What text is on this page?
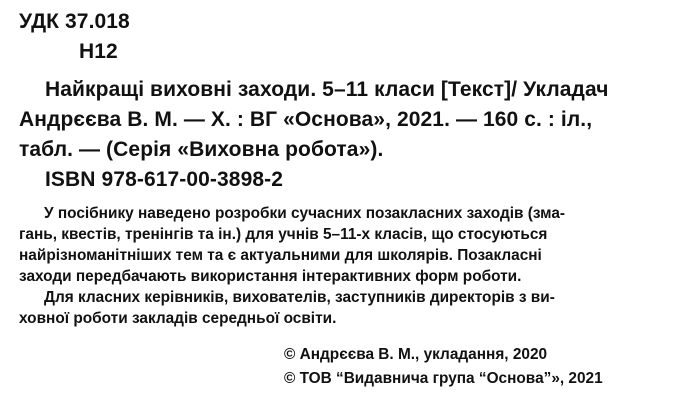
УДК 37.018
Н12
Найкращі виховні заходи. 5–11 класи [Текст]/ Укладач
Андрєєва В. М. — Х. : ВГ «Основа», 2021. — 160 с. : іл.,
табл. — (Серія «Виховна робота»).
ISBN 978-617-00-3898-2
У посібнику наведено розробки сучасних позакласних заходів (зма-
гань, квестів, тренінгів та ін.) для учнів 5–11-х класів, що стосуються
найрізноманітніших тем та є актуальними для школярів. Позакласні
заходи передбачають використання інтерактивних форм роботи.
Для класних керівників, вихователів, заступників директорів з ви-
ховної роботи закладів середньої освіти.
© Андрєєва В. М., укладання, 2020
© ТОВ “Видавнича група “Основа”», 2021
